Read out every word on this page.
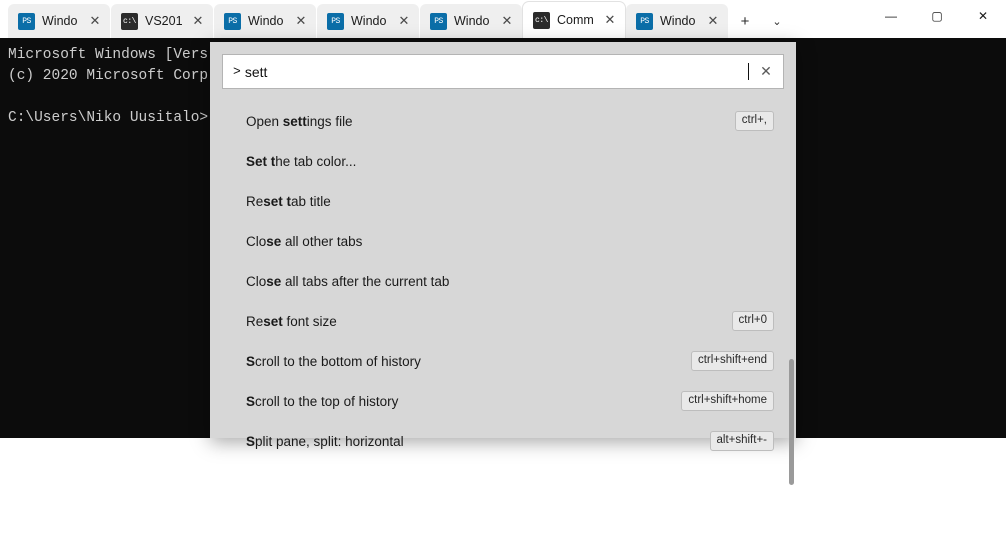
PS Windo ✕	c:\ VS201 ✕	PS Windo ✕	PS Windo ✕	PS Windo ✕	c:\ Comm ✕	PS Windo ✕	+	⌄	—	▢	✕
Microsoft Windows [Vers
(c) 2020 Microsoft Corp
C:\Users\Niko Uusitalo>
>
sett	✕
Open settings file	ctrl+,
Set the tab color...
Reset tab title
Close all other tabs
Close all tabs after the current tab
Reset font size	ctrl+0
Scroll to the bottom of history	ctrl+shift+end
Scroll to the top of history	ctrl+shift+home
Split pane, split: horizontal	alt+shift+-
